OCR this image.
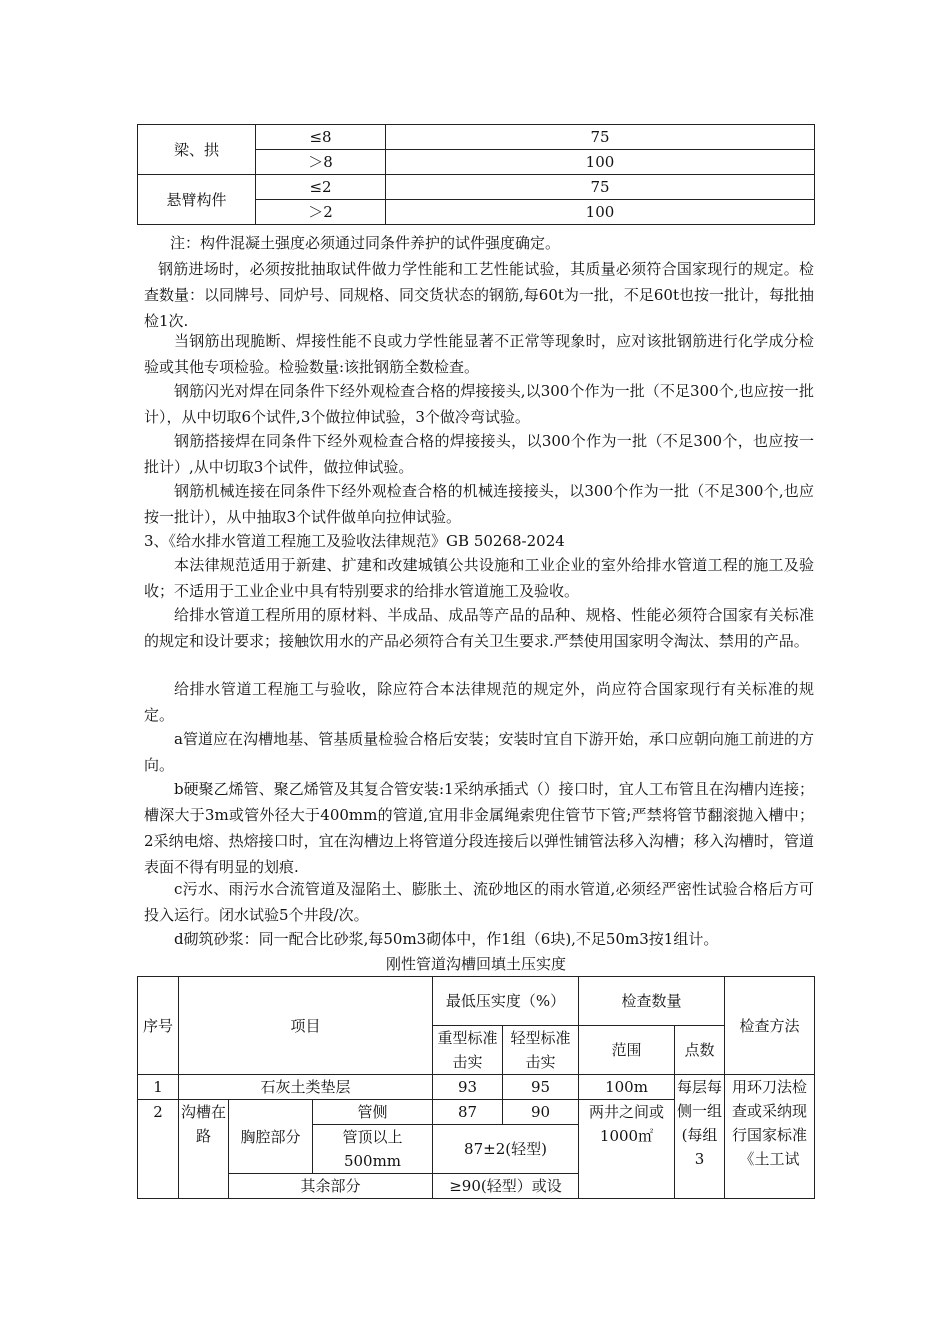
梁、拱	≤8	75
	＞8	100
悬臂构件	≤2	75
	＞2	100

注：构件混凝土强度必须通过同条件养护的试件强度确定。

钢筋进场时，必须按批抽取试件做力学性能和工艺性能试验，其质量必须符合国家现行的规定。检查数量：以同牌号、同炉号、同规格、同交货状态的钢筋,每60t为一批，不足60t也按一批计，每批抽检1次.

当钢筋出现脆断、焊接性能不良或力学性能显著不正常等现象时，应对该批钢筋进行化学成分检验或其他专项检验。检验数量:该批钢筋全数检查。

钢筋闪光对焊在同条件下经外观检查合格的焊接接头,以300个作为一批（不足300个,也应按一批计），从中切取6个试件,3个做拉伸试验，3个做冷弯试验。

钢筋搭接焊在同条件下经外观检查合格的焊接接头，以300个作为一批（不足300个，也应按一批计）,从中切取3个试件，做拉伸试验。

钢筋机械连接在同条件下经外观检查合格的机械连接接头，以300个作为一批（不足300个,也应按一批计），从中抽取3个试件做单向拉伸试验。

3、《给水排水管道工程施工及验收法律规范》GB 50268-2024

本法律规范适用于新建、扩建和改建城镇公共设施和工业企业的室外给排水管道工程的施工及验收；不适用于工业企业中具有特别要求的给排水管道施工及验收。

给排水管道工程所用的原材料、半成品、成品等产品的品种、规格、性能必须符合国家有关标准的规定和设计要求；接触饮用水的产品必须符合有关卫生要求.严禁使用国家明令淘汰、禁用的产品。

给排水管道工程施工与验收，除应符合本法律规范的规定外，尚应符合国家现行有关标准的规定。

a管道应在沟槽地基、管基质量检验合格后安装；安装时宜自下游开始，承口应朝向施工前进的方向。

b硬聚乙烯管、聚乙烯管及其复合管安装:1采纳承插式（）接口时，宜人工布管且在沟槽内连接；槽深大于3m或管外径大于400mm的管道,宜用非金属绳索兜住管节下管;严禁将管节翻滚抛入槽中；2采纳电熔、热熔接口时，宜在沟槽边上将管道分段连接后以弹性铺管法移入沟槽；移入沟槽时，管道表面不得有明显的划痕.

c污水、雨污水合流管道及湿陷土、膨胀土、流砂地区的雨水管道,必须经严密性试验合格后方可投入运行。闭水试验5个井段/次。

d砌筑砂浆：同一配合比砂浆,每50m3砌体中，作1组（6块),不足50m3按1组计。

刚性管道沟槽回填土压实度
序号	项目			最低压实度（%）		检查数量		检查方法
				重型标准击实	轻型标准击实	范围	点数	
1	石灰土类垫层			93	95	100m	每层每侧一组(每组3	用环刀法检查或采纳现行国家标准《土工试
2	沟槽在路	胸腔部分	管侧	87	90	两井之间或1000㎡		
			管顶以上500mm	87±2(轻型)				
		其余部分		≥90(轻型）或设				
